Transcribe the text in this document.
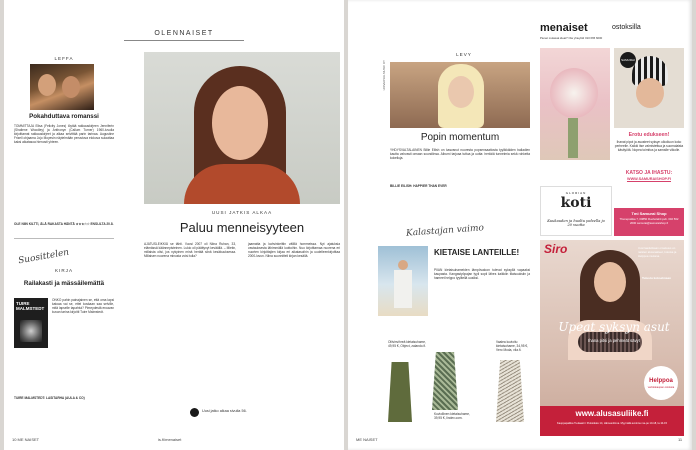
OLENNAISET
LEFFA
Pokahduttava romanssi
TOMMITTAJA Elisa (Felicity Jones) löytää rakkauskirjeen Jenniferin (Shailene Woodley) ja Anthonyn (Callum Turner) 1960-luvulla kirjoittamat rakkauskirjeet ja alkaa selvittää parin tarinaa. Augustine Frizell ohjaama Jojo Moyesin näytelmään perustuva elokuva sulauttaa kaksi aikatasoa hienosti yhteen.
OLE NIIN KILTTI, ÄLÄ RAKASTA HÄNTÄ ★★★✩✩ ENSI-ILTA 20.8.
Suosittelen
KIRJA
Railakasti ja mässäilemättä
TUIRE MALMSTEDT
ONKO pahin painajainen se, että oma lapsi katoaa vai se, ettei koskaan saa selville, mitä lapselle tapahtui? Pimeydestä eroavan kuvan tarina kirjoitti Tuire Malmstedt.
TUIRE MALMSTEDT: LASITARHA (AULA & CO)
UUSI JATKIS ALKAA
Paluu menneisyyteen
AJATUSLEIKKIÄ se tähti. Vuosi 2007 oli Niina Ruhan, 33, elämässä käännepisteinen. Lukio oli päättynyt keväällä. – Mietin, millaista olisi, jos nykyinen minä herätä siinä kesäkuuksessa. Millaisen nuorena minusta voisi tulla?
jaamatta ja kahvinkeittin välillä hommeissa. Nyt ajatuksia vastauksesta lähimmällä luottoihin. Nuo kirjoittamaa nuorena eri nuorten kirjoittajien kirjaa eri aikatasoihin ja uudelleenkirjoittaa 2000-luvun. Niina suunnitteli kirjan kesällä.
Uusi jatko alkaa sivulla 56.
10 ME NAISET	is.fi/menaiset
LEVY
UNIVERSAL MUSIC OY
Popin momentum
YHDYSVALTALAINEN Billie Eilish on kasvanut nuoresta popsensaatiosta tyylikkäiden balladien kautta vahvasti omaan soundiinsa. Albumi tarjoaa tuttua ja uutta: herkkiä tunnelmia sekä rohkeita kokeiluja.
BILLIE EILISH: HAPPIER THAN EVER
Kalastajan vaimo
KIETAISE LANTEILLE!
PIIAN kietaisuhameiden lämpövaloon tulevat syksyllä vapaaksi kaupasta. Kangastyöpajan tyyli sopii lähes kaikkiin tilaisuuksiin ja hameet helppo tyylitellä uusiksi.
Oliivinvihreä kietaisuhame, 49,95 €, Object, zalando.fi.
Vaalea kuvioitu kietaisuhame, 34,95 €, Vero Moda, vila.fi.
Kuviollinen kietaisuhame, 39,95 €, lindex.com.
menaiset	ostoksilla
Pienet mukavat ideat? Ota yhteyttä! 010 665 6000
SAMURAI
Erotu edukseen!
Ihanat pipot ja asusteet syksyn ulkoiluun koko perheelle. Kaikki itse valmistettua ja suomalaista käsityötä. Nopea toimitus ja samalle viikolle.
KATSO JA IHASTU:
WWW.SAMURAISHOP.FI
GLORIAN
koti
Kuukauden ja huoltu palvella jo 20 vuotta
Tmi Samurai Shop
Thunepoikka 7, 00850 Ruoholahti puh. 040 562 2000 samurai@samuraishop.fi
Siro	Uusi laadukkaan omaisuus on naisten alusvaatteet, kotoisa ja Helppoa mukana.
Tutustu kokoelmaan
Upeat syksyn asut
Ihana pitsi ja pehmeät sävyt
Helppoa
verkkokaupan ostoksia
www.alusasuliike.fi
Kauppapaikka Tuulaasti / Puistokatu 14, Hämeenlinna. Myymälä avoinna ma-pe 10-18, la 10-15
ME NAISET	11
